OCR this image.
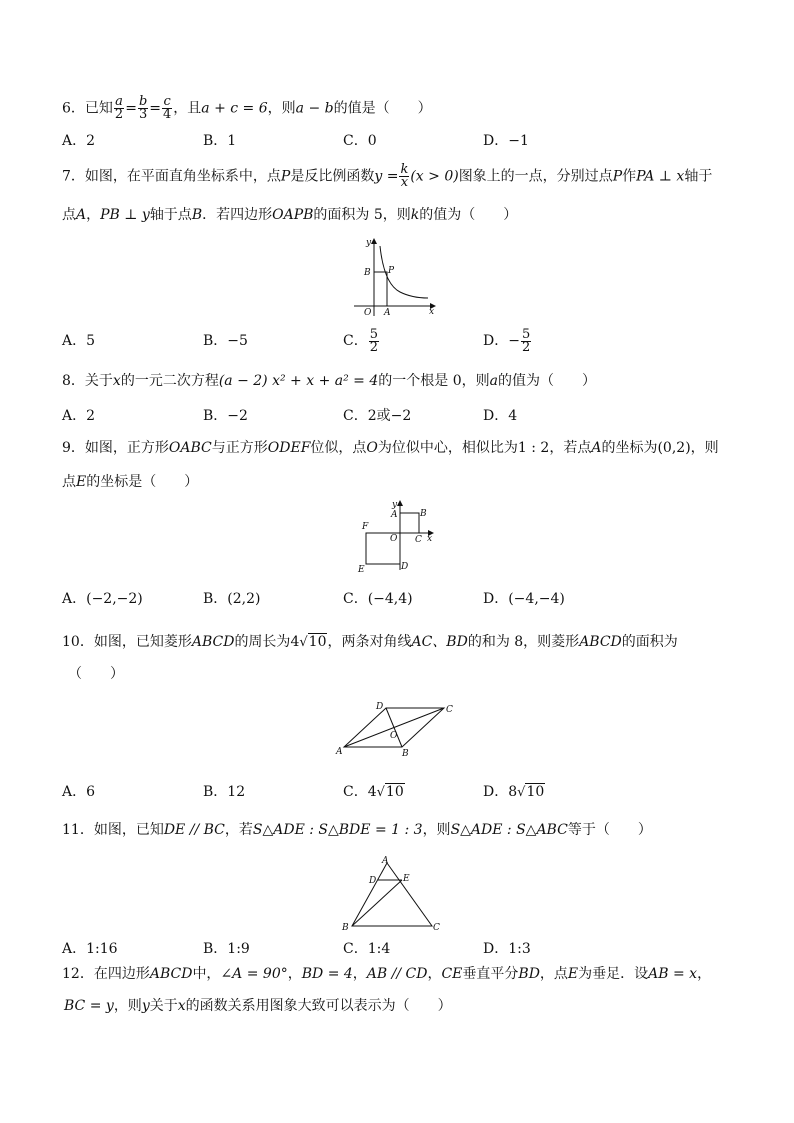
6．已知 $\frac{a}{2} = \frac{b}{3} = \frac{c}{4}$ ，且a + c = 6，则a − b的值是（　　）
A．2	B．1	C．0	D．−1
7．如图，在平面直角坐标系中，点P是反比例函数$y = \frac{k}{x} (x > 0)$图象上的一点，分别过点P作PA ⊥ x轴于
点A，PB ⊥ y轴于点B．若四边形OAPB的面积为 5，则k的值为（　　）
y
x
O A
B P
A．5	B．−5	C． $\frac{5}{2}$	D．− $\frac{5}{2}$
8．关于x的一元二次方程(a − 2) x² + x + a² = 4的一个根是 0，则a的值为（　　）
A．2	B．−2	C．2或−2	D．4
9．如图，正方形OABC与正方形ODEF位似，点O为位似中心，相似比为1 : 2，若点A的坐标为(0,2)，则
点E的坐标是（　　）
y
x
O
A	B
C
D
E
F
A．(−2,−2)	B．(2,2)	C．(−4,4)	D．(−4,−4)
10．如图，已知菱形ABCD的周长为4√10，两条对角线AC、BD的和为 8，则菱形ABCD的面积为
（　　）
A	B
C
D
O
A．6	B．12	C．4√10	D．8√10
11．如图，已知DE // BC，若S△ADE : S△BDE = 1 : 3，则S△ADE : S△ABC等于（　　）
A
B	C
D	E
A．1:16	B．1:9	C．1:4	D．1:3
12．在四边形ABCD中，∠A = 90°，BD = 4，AB // CD，CE垂直平分BD，点E为垂足．设AB = x，
BC = y，则y关于x的函数关系用图象大致可以表示为（　　）
